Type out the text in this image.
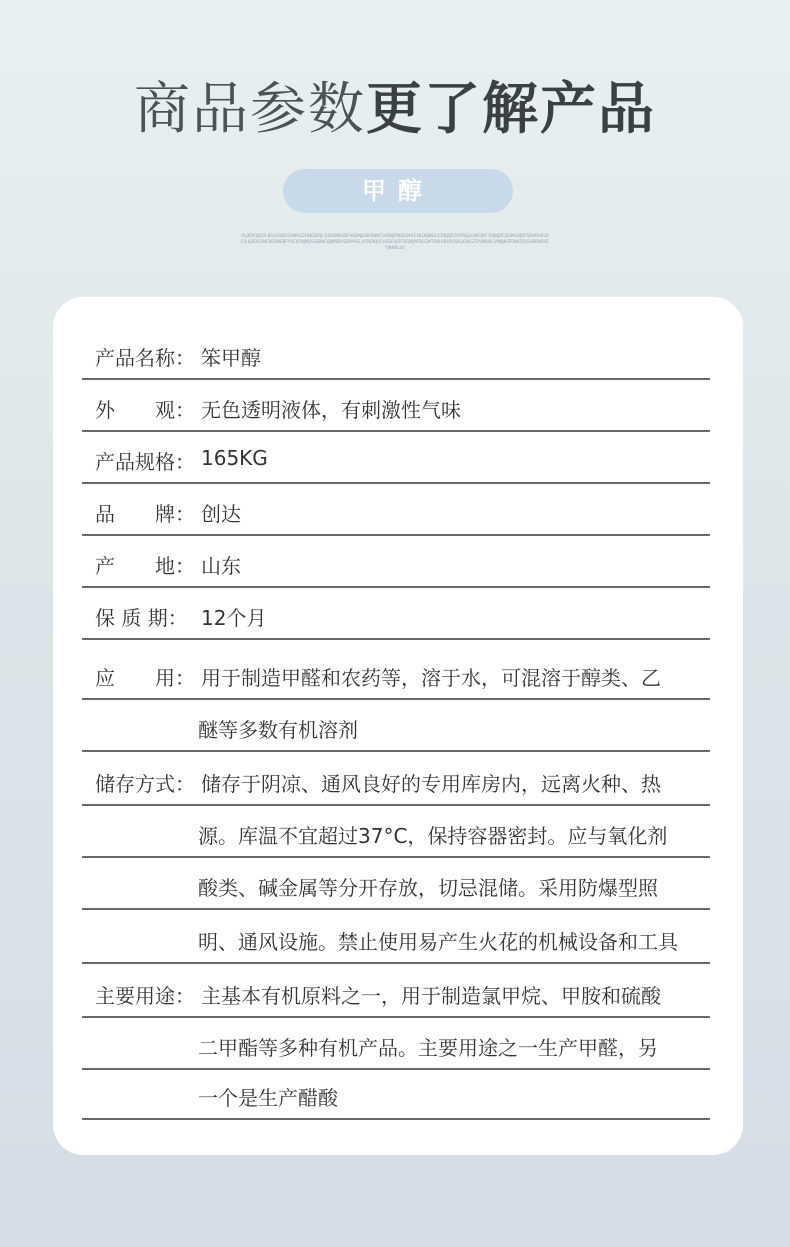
商品参数更了解产品
甲醇
OLJKDFJSJOS:BSGOBDFGHNKSDFBKSDFJL,SDVBNKSDFHSDNJGBERNKFSADNJFNBJSDHFCNLDBJNLE:CDBJDFOIFPSEJLGNFDKY DSJKJDFJSDNGKJDFSGHBVKSDF.B.KJSDGFNCBOBNEBFYUCKFNJNDSLSBNCKJMNBASDBYHSL KFNDKJVCHSDFUJSFISGNJMFDLGMTSNLKBURODGJGNLSTDVNKJRCVNBJKSFDNKDFJGHBRNDSFYJNKNLSU
产品名称： 笨甲醇
外　　观： 无色透明液体，有刺激性气味
产品规格： 165KG
品　　牌： 创达
产　　地： 山东
保 质 期： 12个月
应　　用： 用于制造甲醛和农药等，溶于水，可混溶于醇类、乙
醚等多数有机溶剂
储存方式： 储存于阴凉、通风良好的专用库房内，远离火种、热
源。库温不宜超过37°C，保持容器密封。应与氧化剂
酸类、碱金属等分开存放，切忌混储。采用防爆型照
明、通风设施。禁止使用易产生火花的机械设备和工具
主要用途： 主基本有机原料之一，用于制造氯甲烷、甲胺和硫酸
二甲酯等多种有机产品。主要用途之一生产甲醛，另
一个是生产醋酸
